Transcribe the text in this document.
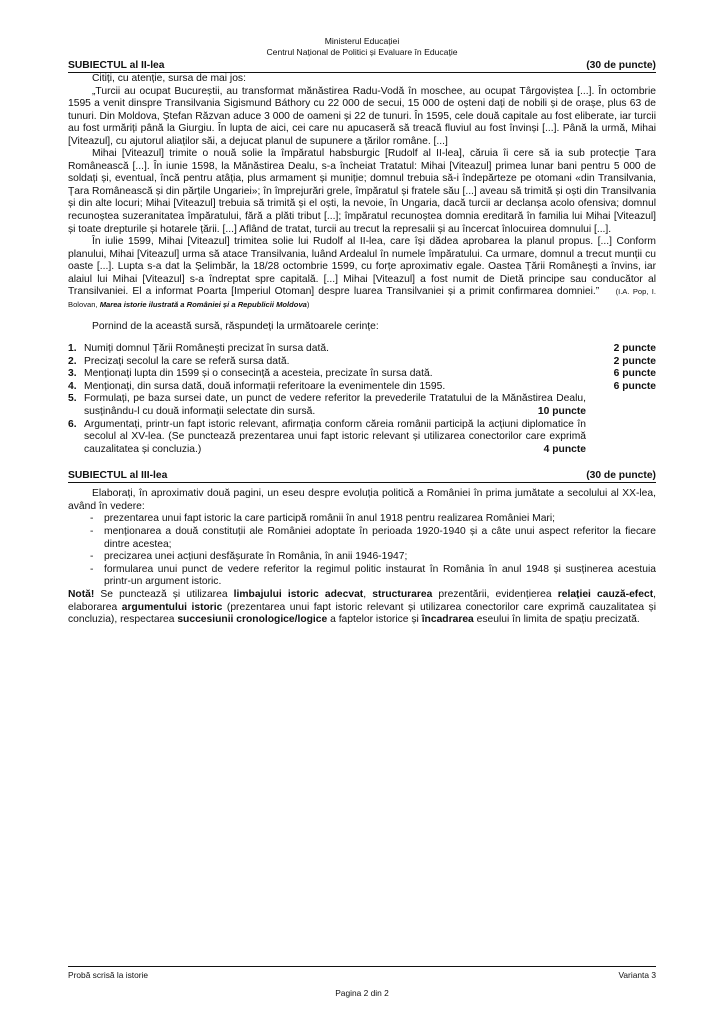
Ministerul Educației
Centrul Național de Politici și Evaluare în Educație
SUBIECTUL al II-lea	(30 de puncte)

Citiți, cu atenție, sursa de mai jos:

„Turcii au ocupat Bucureștii, au transformat mănăstirea Radu-Vodă în moschee, au ocupat Târgoviștea [...]. În octombrie 1595 a venit dinspre Transilvania Sigismund Báthory cu 22 000 de secui, 15 000 de oșteni dați de nobili și de orașe, plus 63 de tunuri. Din Moldova, Ștefan Răzvan aduce 3 000 de oameni și 22 de tunuri. În 1595, cele două capitale au fost eliberate, iar turcii au fost urmăriți până la Giurgiu. În lupta de aici, cei care nu apucaseră să treacă fluviul au fost învinși [...]. Până la urmă, Mihai [Viteazul], cu ajutorul aliaților săi, a dejucat planul de supunere a țărilor române. [...]

Mihai [Viteazul] trimite o nouă solie la împăratul habsburgic [Rudolf al II-lea], căruia îi cere să ia sub protecție Țara Românească [...]. În iunie 1598, la Mănăstirea Dealu, s-a încheiat Tratatul: Mihai [Viteazul] primea lunar bani pentru 5 000 de soldați și, eventual, încă pentru atâția, plus armament și muniție; domnul trebuia să-i îndepărteze pe otomani «din Transilvania, Țara Românească și din părțile Ungariei»; în împrejurări grele, împăratul și fratele său [...] aveau să trimită și oști din Transilvania și din alte locuri; Mihai [Viteazul] trebuia să trimită și el oști, la nevoie, în Ungaria, dacă turcii ar declanșa acolo ofensiva; domnul recunoștea suzeranitatea împăratului, fără a plăti tribut [...]; împăratul recunoștea domnia ereditară în familia lui Mihai [Viteazul] și toate drepturile și hotarele țării. [...] Aflând de tratat, turcii au trecut la represalii și au încercat înlocuirea domnului [...].

În iulie 1599, Mihai [Viteazul] trimitea solie lui Rudolf al II-lea, care își dădea aprobarea la planul propus. [...] Conform planului, Mihai [Viteazul] urma să atace Transilvania, luând Ardealul în numele împăratului. Ca urmare, domnul a trecut munții cu oaste [...]. Lupta s-a dat la Șelimbăr, la 18/28 octombrie 1599, cu forțe aproximativ egale. Oastea Țării Românești a învins, iar alaiul lui Mihai [Viteazul] s-a îndreptat spre capitală. [...] Mihai [Viteazul] a fost numit de Dietă principe sau conducător al Transilvaniei. El a informat Poarta [Imperiul Otoman] despre luarea Transilvaniei și a primit confirmarea domniei.” (I.A. Pop, I. Bolovan, Marea istorie ilustrată a României și a Republicii Moldova)

Pornind de la această sursă, răspundeți la următoarele cerințe:
1. Numiți domnul Țării Românești precizat în sursa dată.	2 puncte
2. Precizați secolul la care se referă sursa dată.	2 puncte
3. Menționați lupta din 1599 și o consecință a acesteia, precizate în sursa dată.	6 puncte
4. Menționați, din sursa dată, două informații referitoare la evenimentele din 1595.	6 puncte
5. Formulați, pe baza sursei date, un punct de vedere referitor la prevederile Tratatului de la Mănăstirea Dealu, susținându-l cu două informații selectate din sursă.	10 puncte
6. Argumentați, printr-un fapt istoric relevant, afirmația conform căreia românii participă la acțiuni diplomatice în secolul al XV-lea. (Se punctează prezentarea unui fapt istoric relevant și utilizarea conectorilor care exprimă cauzalitatea și concluzia.)	4 puncte
SUBIECTUL al III-lea	(30 de puncte)

Elaborați, în aproximativ două pagini, un eseu despre evoluția politică a României în prima jumătate a secolului al XX-lea, având în vedere:

-	prezentarea unui fapt istoric la care participă românii în anul 1918 pentru realizarea României Mari;
-	menționarea a două constituții ale României adoptate în perioada 1920-1940 și a câte unui aspect referitor la fiecare dintre acestea;
-	precizarea unei acțiuni desfășurate în România, în anii 1946-1947;
-	formularea unui punct de vedere referitor la regimul politic instaurat în România în anul 1948 și susținerea acestuia printr-un argument istoric.

Notă! Se punctează și utilizarea limbajului istoric adecvat, structurarea prezentării, evidențierea relației cauză-efect, elaborarea argumentului istoric (prezentarea unui fapt istoric relevant și utilizarea conectorilor care exprimă cauzalitatea și concluzia), respectarea succesiunii cronologice/logice a faptelor istorice și încadrarea eseului în limita de spațiu precizată.

Probă scrisă la istorie	Varianta 3
Pagina 2 din 2
